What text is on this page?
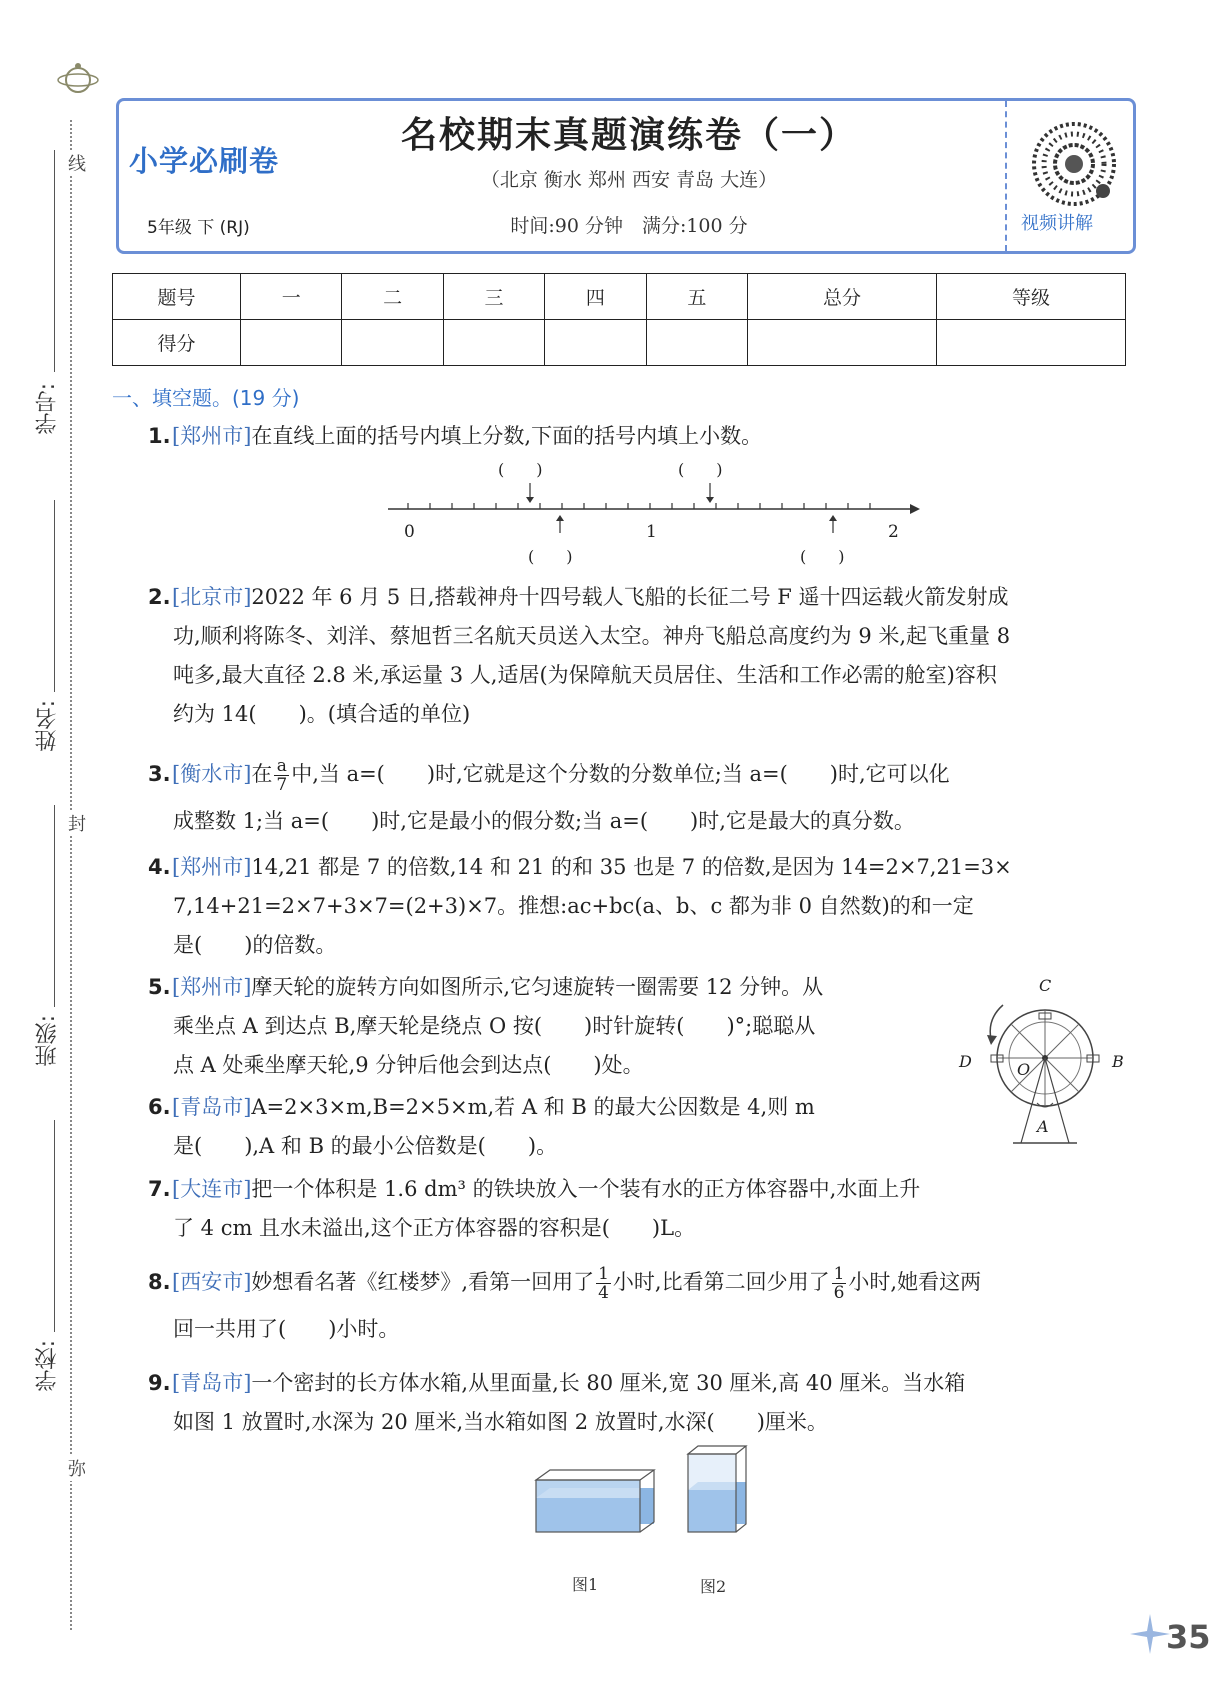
线
封
弥
学号:
姓名:
班级:
学校:
小学必刷卷
5年级 下 (RJ)
名校期末真题演练卷（一）
（北京 衡水 郑州 西安 青岛 大连）
时间:90 分钟　满分:100 分	视频讲解
题号	一	二	三	四	五	总分	等级
得分							
一、填空题。(19 分)
1.[郑州市]在直线上面的括号内填上分数,下面的括号内填上小数。
0	1	2
(　　)	(　　)
(　　)	(　　)
2.[北京市]2022 年 6 月 5 日,搭载神舟十四号载人飞船的长征二号 F 遥十四运载火箭发射成
功,顺利将陈冬、刘洋、蔡旭哲三名航天员送入太空。神舟飞船总高度约为 9 米,起飞重量 8
吨多,最大直径 2.8 米,承运量 3 人,适居(为保障航天员居住、生活和工作必需的舱室)容积
约为 14(　　)。(填合适的单位)
3.[衡水市]在 $\frac{a}{7}$ 中,当 a=(　　)时,它就是这个分数的分数单位;当 a=(　　)时,它可以化
成整数 1;当 a=(　　)时,它是最小的假分数;当 a=(　　)时,它是最大的真分数。
4.[郑州市]14,21 都是 7 的倍数,14 和 21 的和 35 也是 7 的倍数,是因为 14=2×7,21=3×
7,14+21=2×7+3×7=(2+3)×7。推想:ac+bc(a、b、c 都为非 0 自然数)的和一定
是(　　)的倍数。
5.[郑州市]摩天轮的旋转方向如图所示,它匀速旋转一圈需要 12 分钟。从
乘坐点 A 到达点 B,摩天轮是绕点 O 按(　　)时针旋转(　　)°;聪聪从
点 A 处乘坐摩天轮,9 分钟后他会到达点(　　)处。
C
D	B
A
O
6.[青岛市]A=2×3×m,B=2×5×m,若 A 和 B 的最大公因数是 4,则 m
是(　　),A 和 B 的最小公倍数是(　　)。
7.[大连市]把一个体积是 1.6 dm³ 的铁块放入一个装有水的正方体容器中,水面上升
了 4 cm 且水未溢出,这个正方体容器的容积是(　　)L。
8.[西安市]妙想看名著《红楼梦》,看第一回用了 $\frac{1}{4}$ 小时,比看第二回少用了 $\frac{1}{6}$ 小时,她看这两
回一共用了(　　)小时。
9.[青岛市]一个密封的长方体水箱,从里面量,长 80 厘米,宽 30 厘米,高 40 厘米。当水箱
如图 1 放置时,水深为 20 厘米,当水箱如图 2 放置时,水深(　　)厘米。
图1	图2
35
